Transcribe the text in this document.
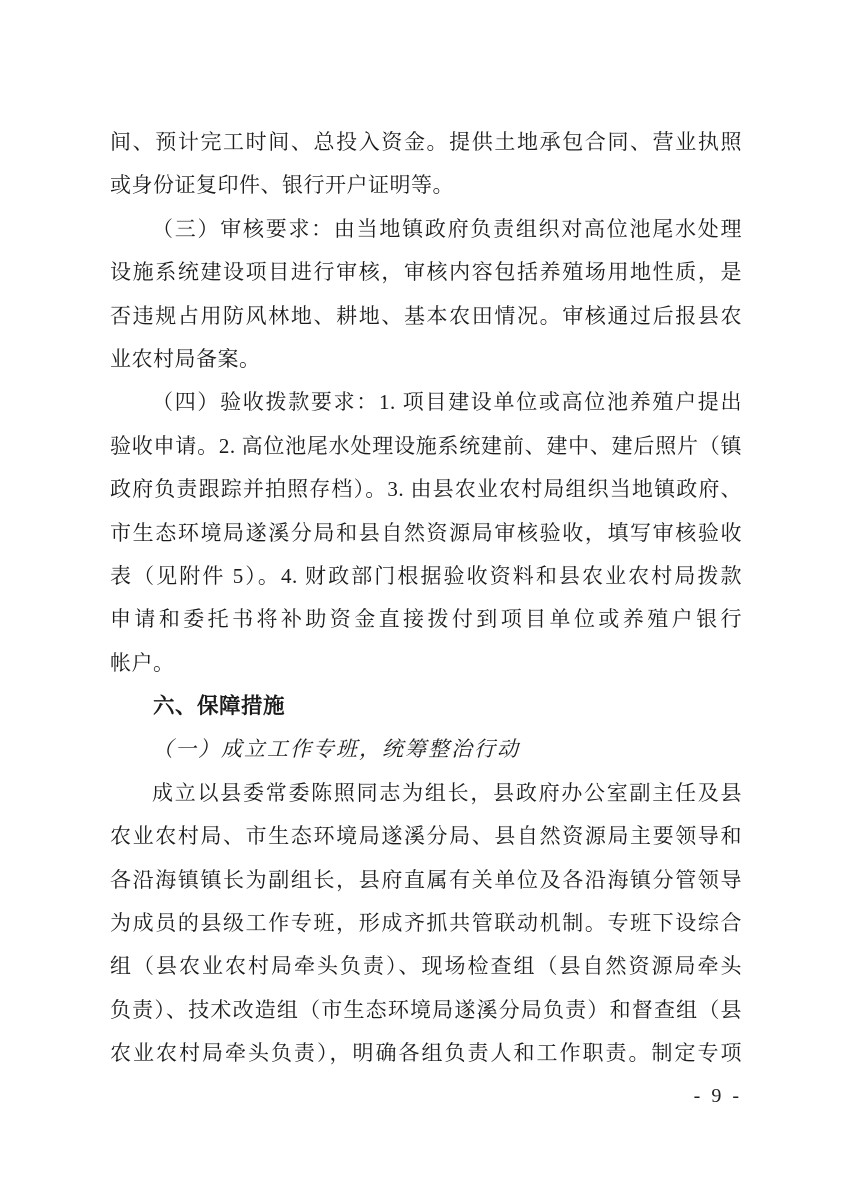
间、预计完工时间、总投入资金。提供土地承包合同、营业执照
或身份证复印件、银行开户证明等。
（三）审核要求：由当地镇政府负责组织对高位池尾水处理
设施系统建设项目进行审核，审核内容包括养殖场用地性质，是
否违规占用防风林地、耕地、基本农田情况。审核通过后报县农
业农村局备案。
（四）验收拨款要求：1. 项目建设单位或高位池养殖户提出
验收申请。2. 高位池尾水处理设施系统建前、建中、建后照片（镇
政府负责跟踪并拍照存档）。3. 由县农业农村局组织当地镇政府、
市生态环境局遂溪分局和县自然资源局审核验收，填写审核验收
表（见附件 5）。4. 财政部门根据验收资料和县农业农村局拨款
申请和委托书将补助资金直接拨付到项目单位或养殖户银行
帐户。
六、保障措施
（一）成立工作专班，统筹整治行动
成立以县委常委陈照同志为组长，县政府办公室副主任及县
农业农村局、市生态环境局遂溪分局、县自然资源局主要领导和
各沿海镇镇长为副组长，县府直属有关单位及各沿海镇分管领导
为成员的县级工作专班，形成齐抓共管联动机制。专班下设综合
组（县农业农村局牵头负责）、现场检查组（县自然资源局牵头
负责）、技术改造组（市生态环境局遂溪分局负责）和督查组（县
农业农村局牵头负责），明确各组负责人和工作职责。制定专项
- 9 -
